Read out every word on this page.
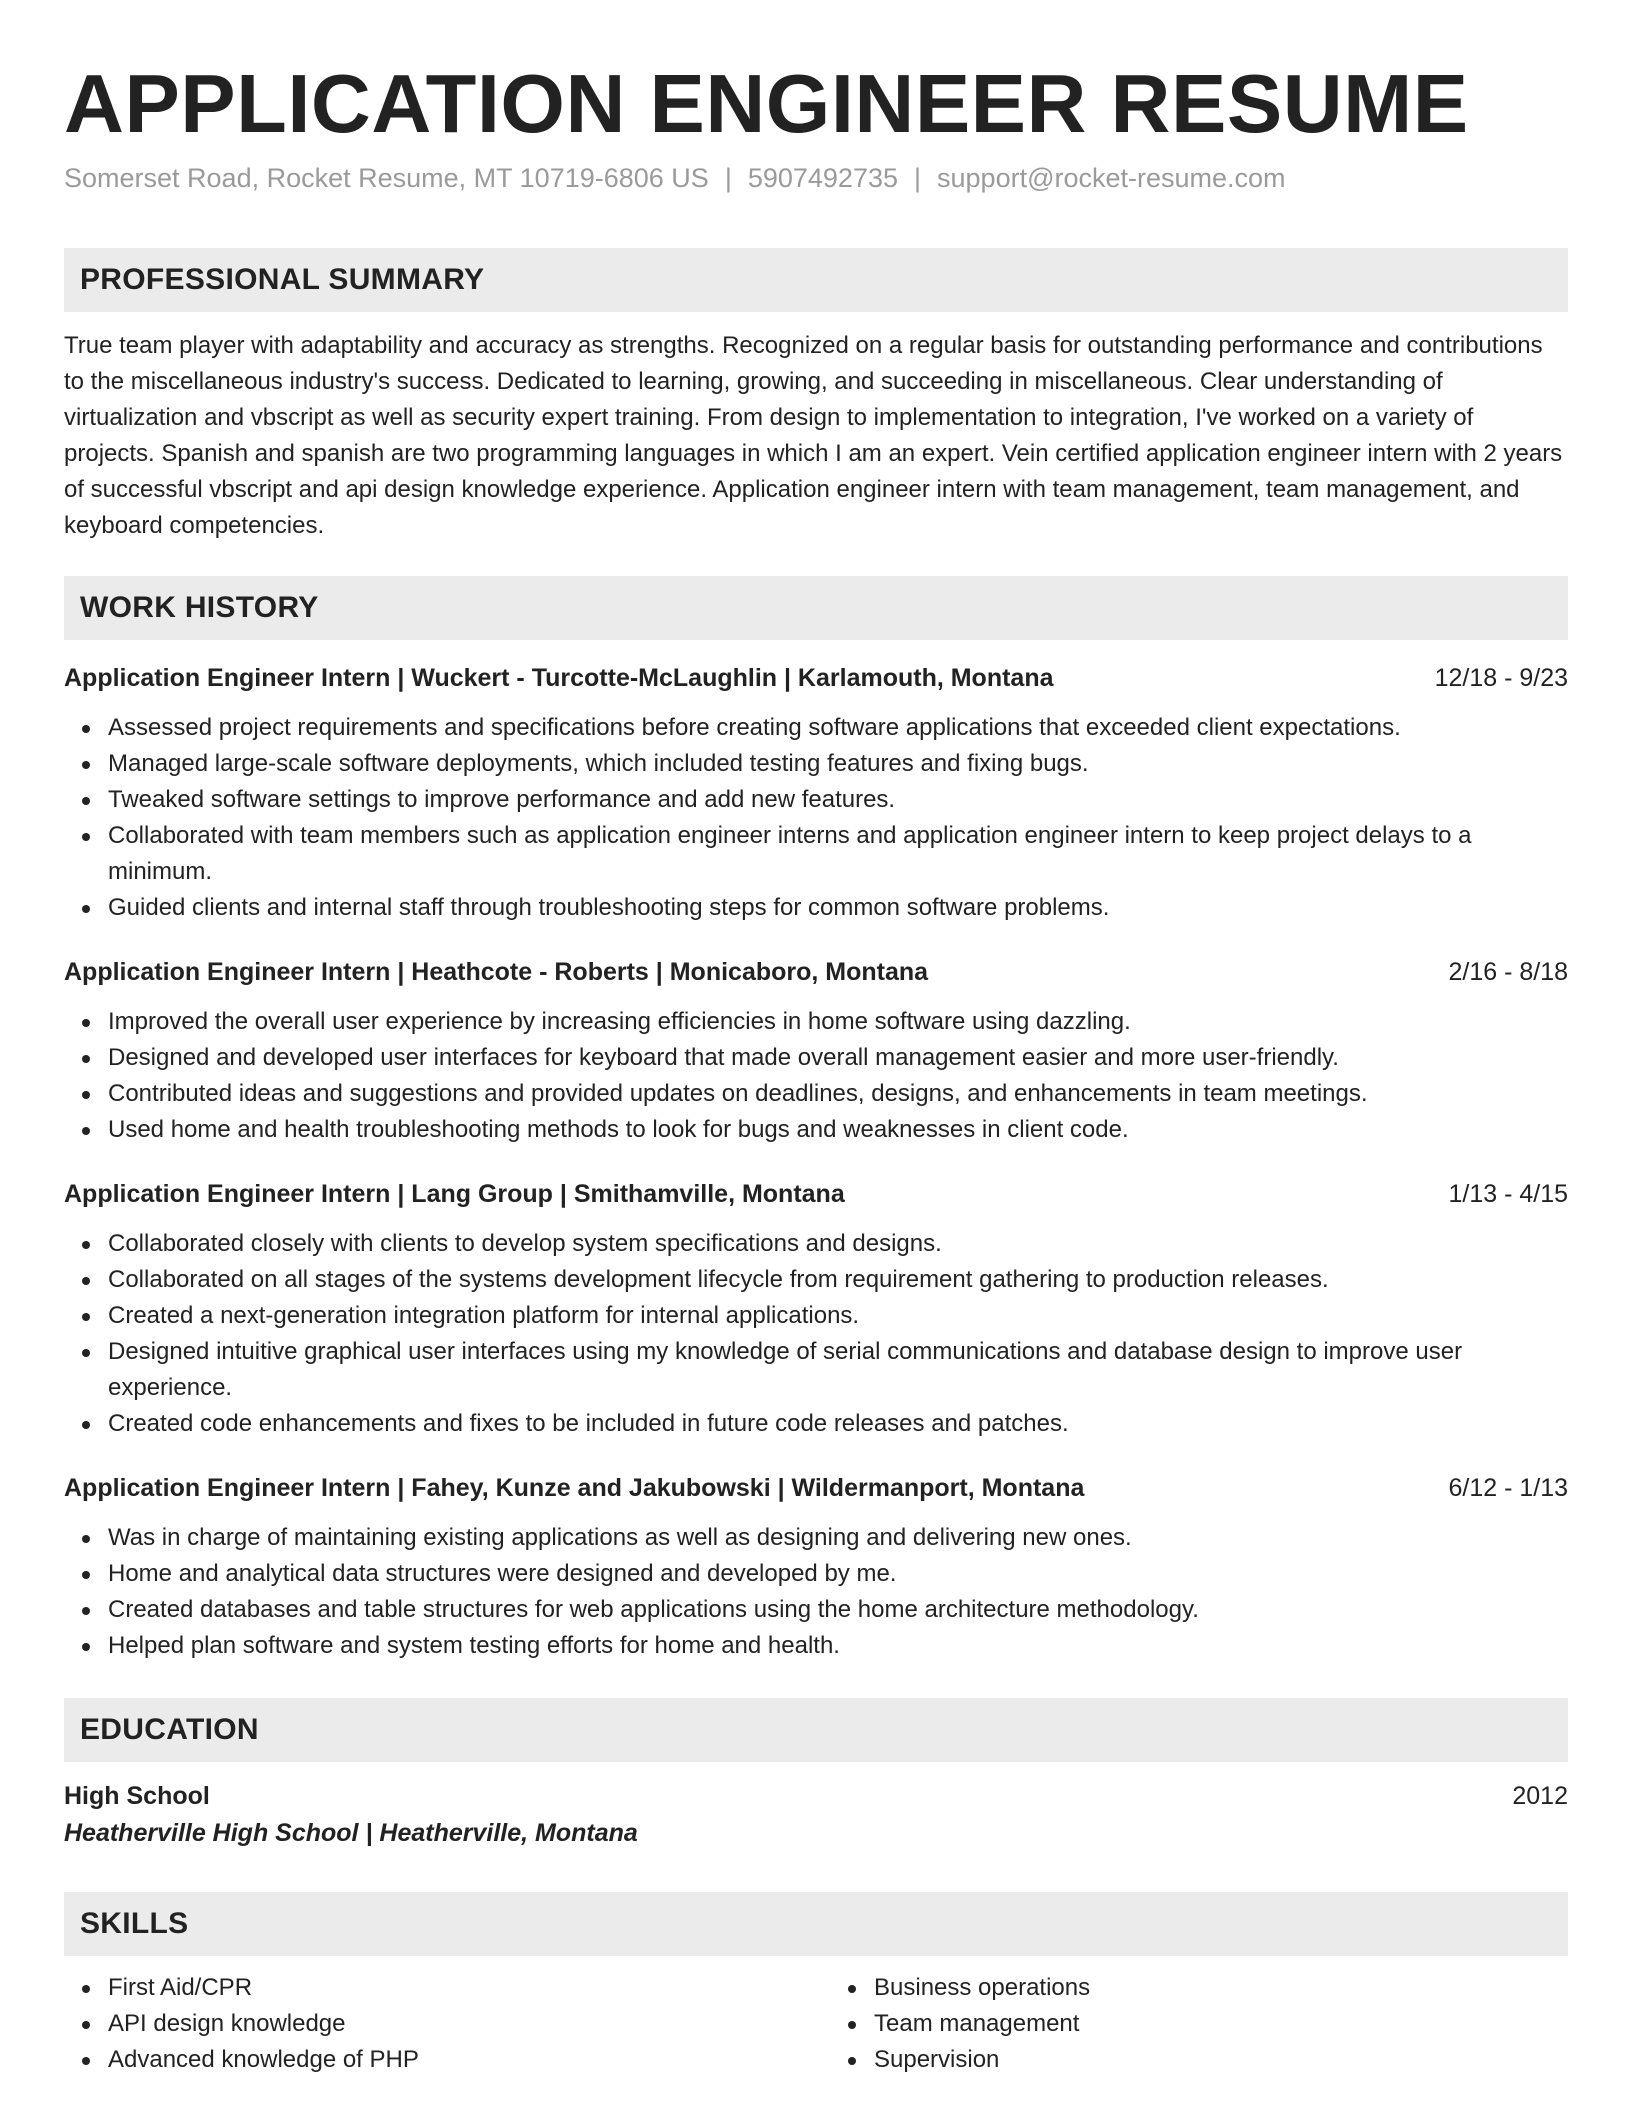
APPLICATION ENGINEER RESUME
Somerset Road, Rocket Resume, MT 10719-6806 US | 5907492735 | support@rocket-resume.com
PROFESSIONAL SUMMARY

True team player with adaptability and accuracy as strengths. Recognized on a regular basis for outstanding performance and contributions to the miscellaneous industry's success. Dedicated to learning, growing, and succeeding in miscellaneous. Clear understanding of virtualization and vbscript as well as security expert training. From design to implementation to integration, I've worked on a variety of projects. Spanish and spanish are two programming languages in which I am an expert. Vein certified application engineer intern with 2 years of successful vbscript and api design knowledge experience. Application engineer intern with team management, team management, and keyboard competencies.

WORK HISTORY
Application Engineer Intern | Wuckert - Turcotte-McLaughlin | Karlamouth, Montana	12/18 - 9/23
Assessed project requirements and specifications before creating software applications that exceeded client expectations.
Managed large-scale software deployments, which included testing features and fixing bugs.
Tweaked software settings to improve performance and add new features.
Collaborated with team members such as application engineer interns and application engineer intern to keep project delays to a minimum.
Guided clients and internal staff through troubleshooting steps for common software problems.
Application Engineer Intern | Heathcote - Roberts | Monicaboro, Montana	2/16 - 8/18
Improved the overall user experience by increasing efficiencies in home software using dazzling.
Designed and developed user interfaces for keyboard that made overall management easier and more user-friendly.
Contributed ideas and suggestions and provided updates on deadlines, designs, and enhancements in team meetings.
Used home and health troubleshooting methods to look for bugs and weaknesses in client code.
Application Engineer Intern | Lang Group | Smithamville, Montana	1/13 - 4/15
Collaborated closely with clients to develop system specifications and designs.
Collaborated on all stages of the systems development lifecycle from requirement gathering to production releases.
Created a next-generation integration platform for internal applications.
Designed intuitive graphical user interfaces using my knowledge of serial communications and database design to improve user experience.
Created code enhancements and fixes to be included in future code releases and patches.
Application Engineer Intern | Fahey, Kunze and Jakubowski | Wildermanport, Montana	6/12 - 1/13
Was in charge of maintaining existing applications as well as designing and delivering new ones.
Home and analytical data structures were designed and developed by me.
Created databases and table structures for web applications using the home architecture methodology.
Helped plan software and system testing efforts for home and health.
EDUCATION
High School	2012
Heatherville High School | Heatherville, Montana
SKILLS
First Aid/CPR
API design knowledge
Advanced knowledge of PHP
Business operations
Team management
Supervision
